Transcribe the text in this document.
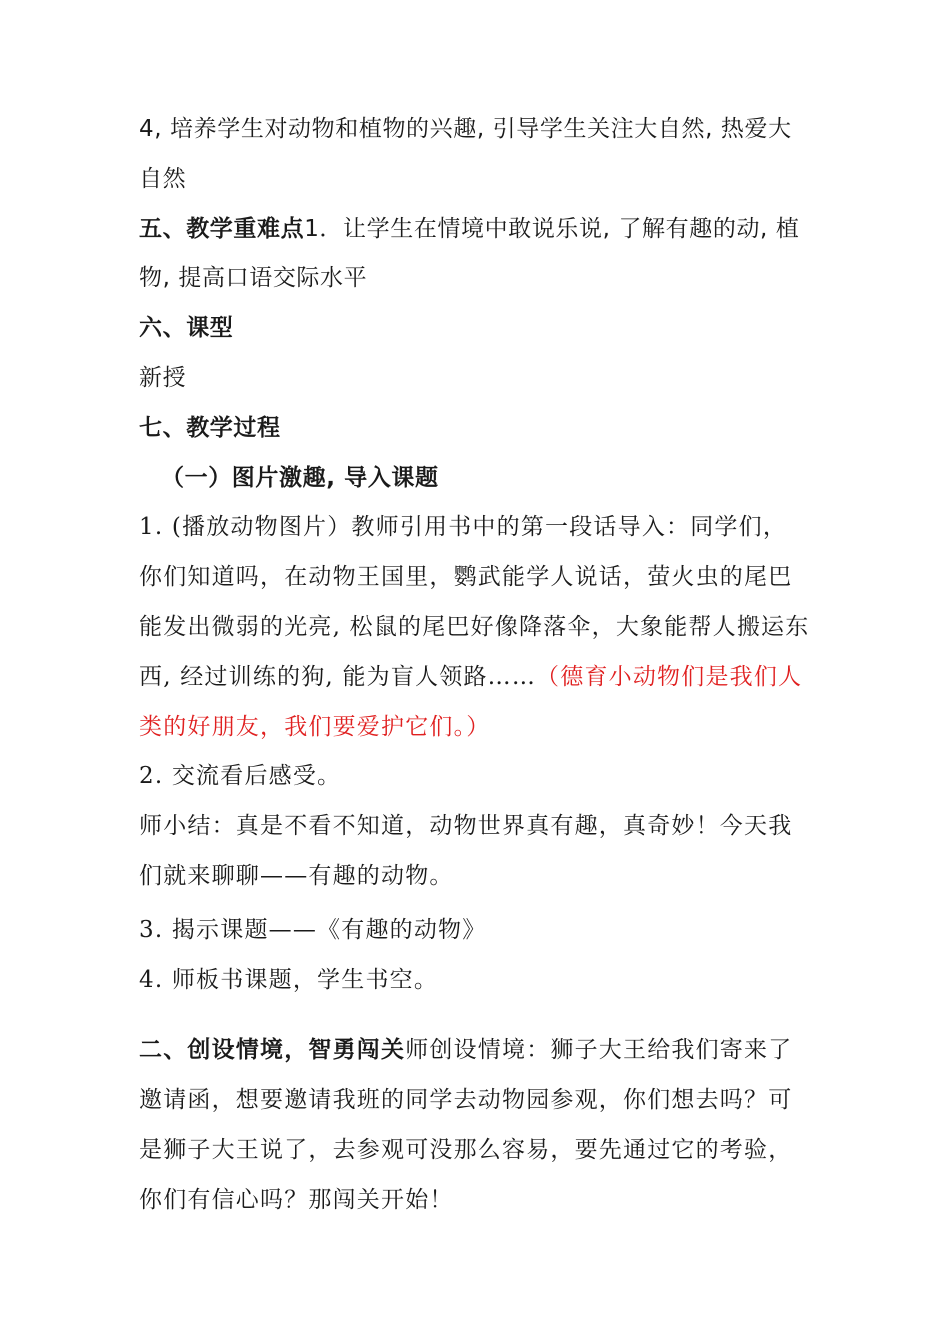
4, 培养学生对动物和植物的兴趣, 引导学生关注大自然, 热爱大
自然
五、教学重难点1．让学生在情境中敢说乐说, 了解有趣的动, 植
物, 提高口语交际水平
六、课型
新授
七、教学过程
（一）图片激趣, 导入课题
1. (播放动物图片）教师引用书中的第一段话导入：同学们，
你们知道吗，在动物王国里，鹦武能学人说话，萤火虫的尾巴
能发出微弱的光亮, 松鼠的尾巴好像降落伞，大象能帮人搬运东
西, 经过训练的狗, 能为盲人领路……（德育小动物们是我们人
类的好朋友，我们要爱护它们。）
2. 交流看后感受。
师小结：真是不看不知道，动物世界真有趣，真奇妙！今天我
们就来聊聊——有趣的动物。
3. 揭示课题——《有趣的动物》
4. 师板书课题，学生书空。
二、创设情境，智勇闯关师创设情境：狮子大王给我们寄来了
邀请函，想要邀请我班的同学去动物园参观，你们想去吗？可
是狮子大王说了，去参观可没那么容易，要先通过它的考验，
你们有信心吗？那闯关开始！
